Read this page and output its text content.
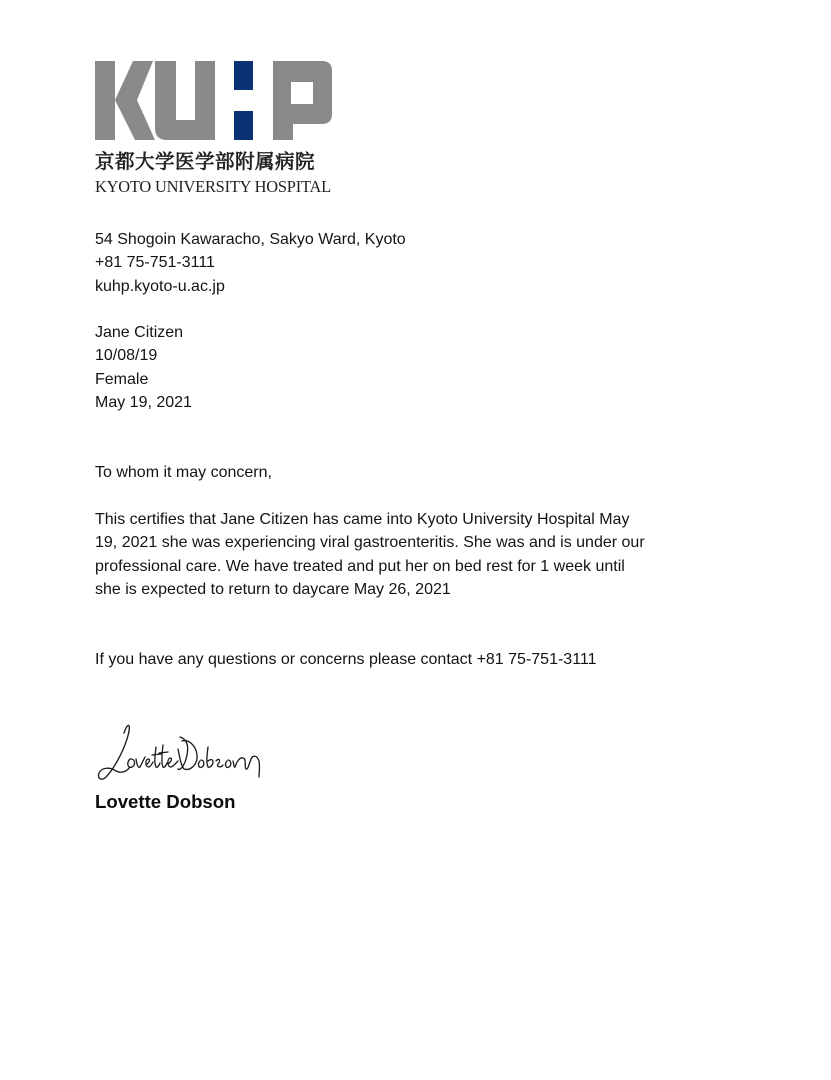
京都大学医学部附属病院
KYOTO UNIVERSITY HOSPITAL
54 Shogoin Kawaracho, Sakyo Ward, Kyoto
+81 75-751-3111
kuhp.kyoto-u.ac.jp
Jane Citizen
10/08/19
Female
May 19, 2021
To whom it may concern,
This certifies that Jane Citizen has came into Kyoto University Hospital May
19, 2021 she was experiencing viral gastroenteritis. She was and is under our
professional care. We have treated and put her on bed rest for 1 week until
she is expected to return to daycare May 26, 2021
If you have any questions or concerns please contact +81 75-751-3111
Lovette Dobson
